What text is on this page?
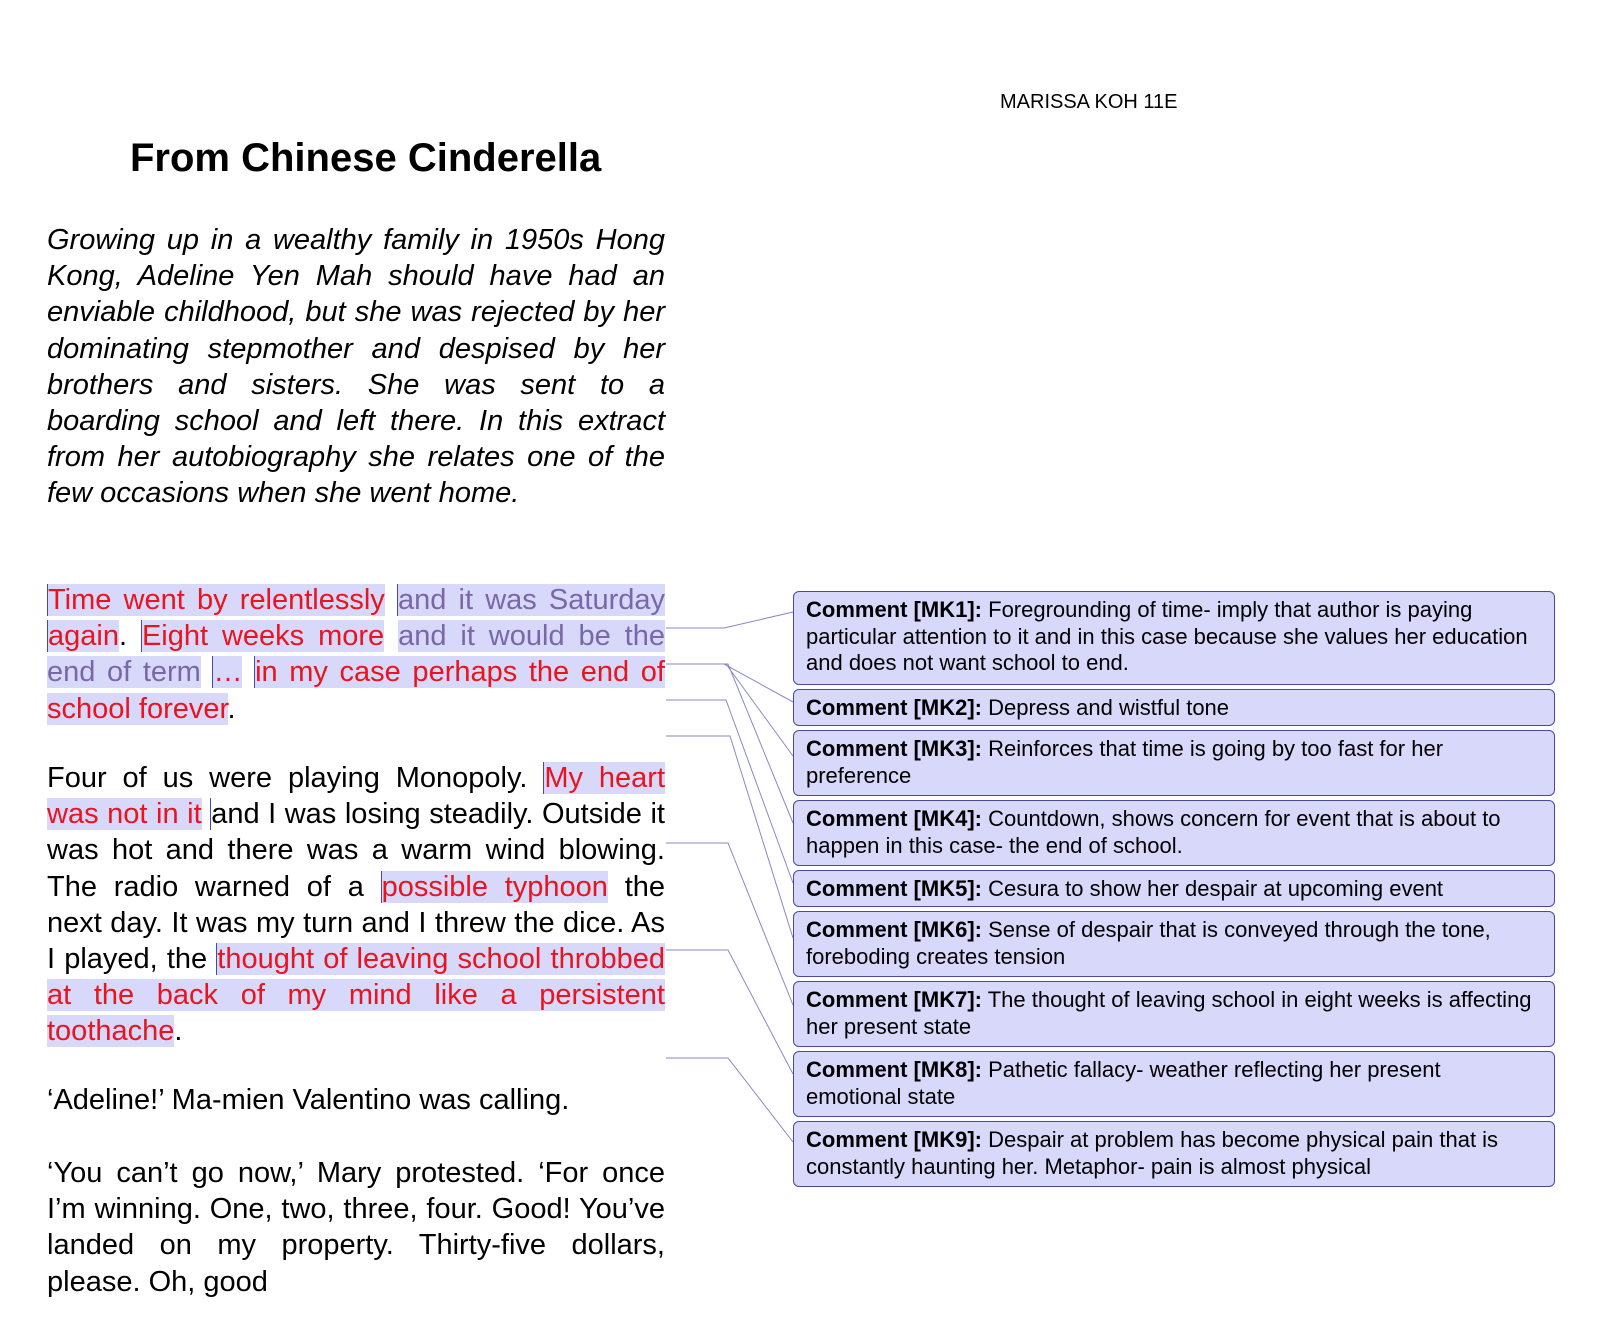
MARISSA KOH 11E
From Chinese Cinderella

Growing up in a wealthy family in 1950s Hong Kong, Adeline Yen Mah should have had an enviable childhood, but she was rejected by her dominating stepmother and despised by her brothers and sisters. She was sent to a boarding school and left there. In this extract from her autobiography she relates one of the few occasions when she went home.

Time went by relentlessly and it was Saturday again. Eight weeks more and it would be the end of term … in my case perhaps the end of school forever.

Four of us were playing Monopoly. My heart was not in it and I was losing steadily. Outside it was hot and there was a warm wind blowing. The radio warned of a possible typhoon the next day. It was my turn and I threw the dice. As I played, the thought of leaving school throbbed at the back of my mind like a persistent toothache.

‘Adeline!’ Ma-mien Valentino was calling.

‘You can’t go now,’ Mary protested. ‘For once I’m winning. One, two, three, four. Good! You’ve landed on my property. Thirty-five dollars, please. Oh, good

Comment [MK1]: Foregrounding of time- imply that author is paying particular attention to it and in this case because she values her education and does not want school to end.
Comment [MK2]: Depress and wistful tone
Comment [MK3]: Reinforces that time is going by too fast for her preference
Comment [MK4]: Countdown, shows concern for event that is about to happen in this case- the end of school.
Comment [MK5]: Cesura to show her despair at upcoming event
Comment [MK6]: Sense of despair that is conveyed through the tone, foreboding creates tension
Comment [MK7]: The thought of leaving school in eight weeks is affecting her present state
Comment [MK8]: Pathetic fallacy- weather reflecting her present emotional state
Comment [MK9]: Despair at problem has become physical pain that is constantly haunting her. Metaphor- pain is almost physical
